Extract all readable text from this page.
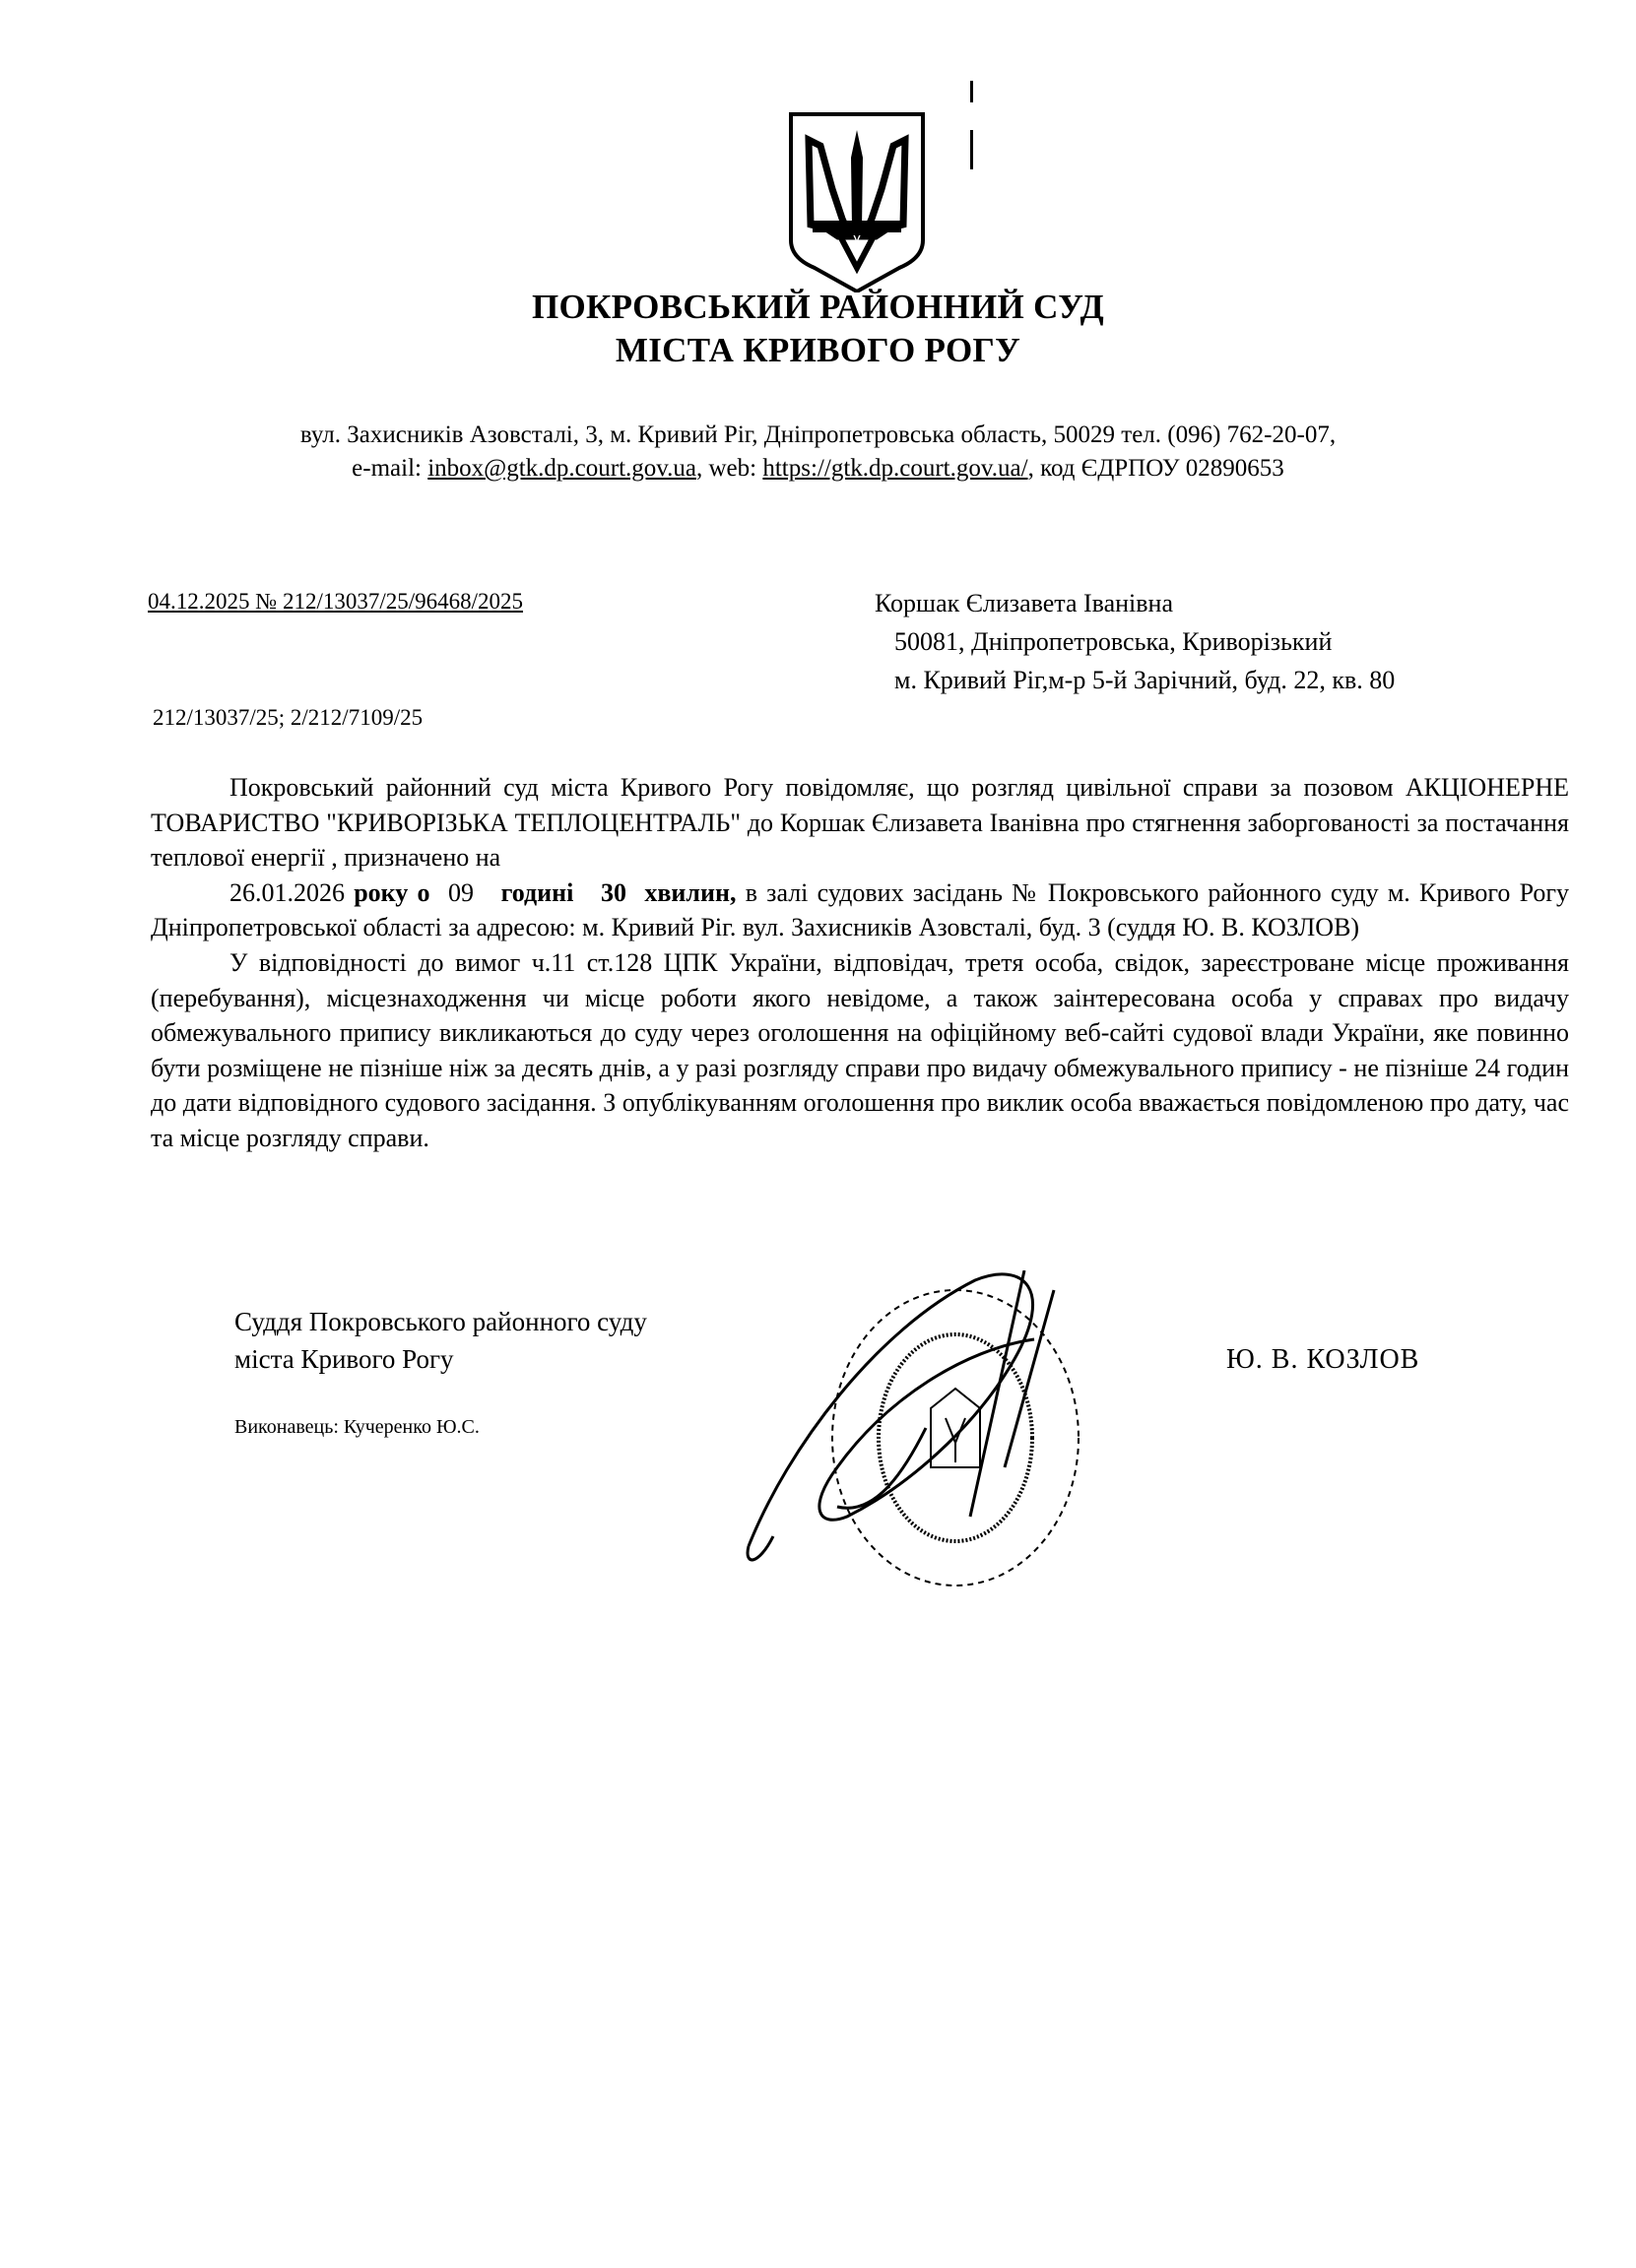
ПОКРОВСЬКИЙ РАЙОННИЙ СУД
МІСТА КРИВОГО РОГУ
вул. Захисників Азовсталі, 3, м. Кривий Ріг, Дніпропетровська область, 50029 тел. (096) 762-20-07,
e-mail: inbox@gtk.dp.court.gov.ua, web: https://gtk.dp.court.gov.ua/, код ЄДРПОУ 02890653
04.12.2025 № 212/13037/25/96468/2025
212/13037/25; 2/212/7109/25
Коршак Єлизавета Іванівна
50081, Дніпропетровська, Криворізький
м. Кривий Ріг,м-р 5-й Зарічний, буд. 22, кв. 80

Покровський районний суд міста Кривого Рогу повідомляє, що розгляд цивільної справи за позовом АКЦІОНЕРНЕ ТОВАРИСТВО "КРИВОРІЗЬКА ТЕПЛОЦЕНТРАЛЬ" до Коршак Єлизавета Іванівна про стягнення заборгованості за постачання теплової енергії , призначено на

26.01.2026 року о 09 годині 30 хвилин, в залі судових засідань № Покровського районного суду м. Кривого Рогу Дніпропетровської області за адресою: м. Кривий Ріг. вул. Захисників Азовсталі, буд. 3 (суддя Ю. В. КОЗЛОВ)

У відповідності до вимог ч.11 ст.128 ЦПК України, відповідач, третя особа, свідок, зареєстроване місце проживання (перебування), місцезнаходження чи місце роботи якого невідоме, а також заінтересована особа у справах про видачу обмежувального припису викликаються до суду через оголошення на офіційному веб-сайті судової влади України, яке повинно бути розміщене не пізніше ніж за десять днів, а у разі розгляду справи про видачу обмежувального припису - не пізніше 24 годин до дати відповідного судового засідання. З опублікуванням оголошення про виклик особа вважається повідомленою про дату, час та місце розгляду справи.

Суддя Покровського районного суду
міста Кривого Рогу
Виконавець: Кучеренко Ю.С.
Ю. В. КОЗЛОВ
